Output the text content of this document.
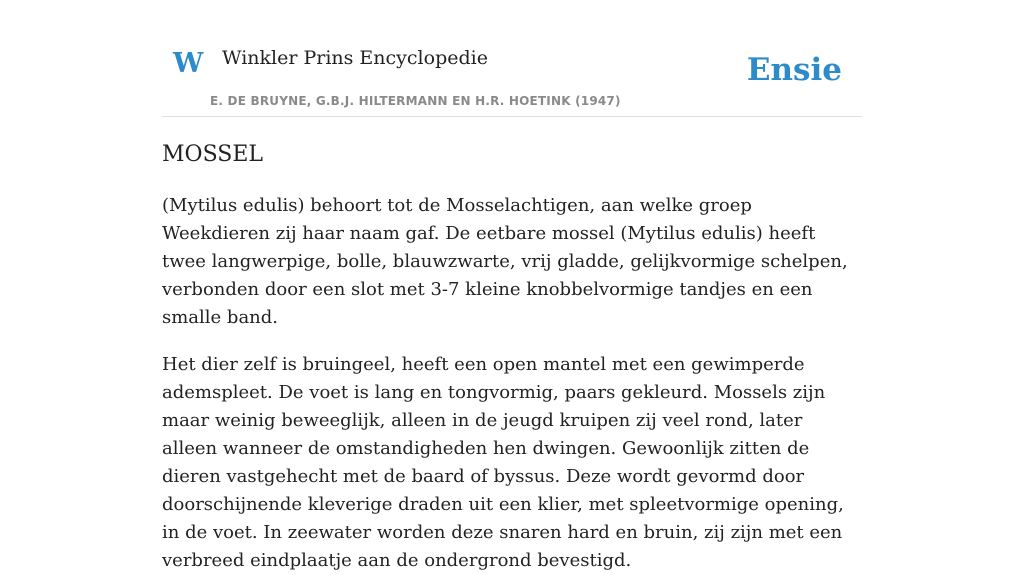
W Winkler Prins Encyclopedie
E. DE BRUYNE, G.B.J. HILTERMANN EN H.R. HOETINK (1947)
Ensie
MOSSEL

(Mytilus edulis) behoort tot de Mosselachtigen, aan welke groep Weekdieren zij haar naam gaf. De eetbare mossel (Mytilus edulis) heeft twee langwerpige, bolle, blauwzwarte, vrij gladde, gelijkvormige schelpen, verbonden door een slot met 3-7 kleine knobbelvormige tandjes en een smalle band.

Het dier zelf is bruingeel, heeft een open mantel met een gewimperde ademspleet. De voet is lang en tongvormig, paars gekleurd. Mossels zijn maar weinig beweeglijk, alleen in de jeugd kruipen zij veel rond, later alleen wanneer de omstandigheden hen dwingen. Gewoonlijk zitten de dieren vastgehecht met de baard of byssus. Deze wordt gevormd door doorschijnende kleverige draden uit een klier, met spleetvormige opening, in de voet. In zeewater worden deze snaren hard en bruin, zij zijn met een verbreed eindplaatje aan de ondergrond bevestigd.
